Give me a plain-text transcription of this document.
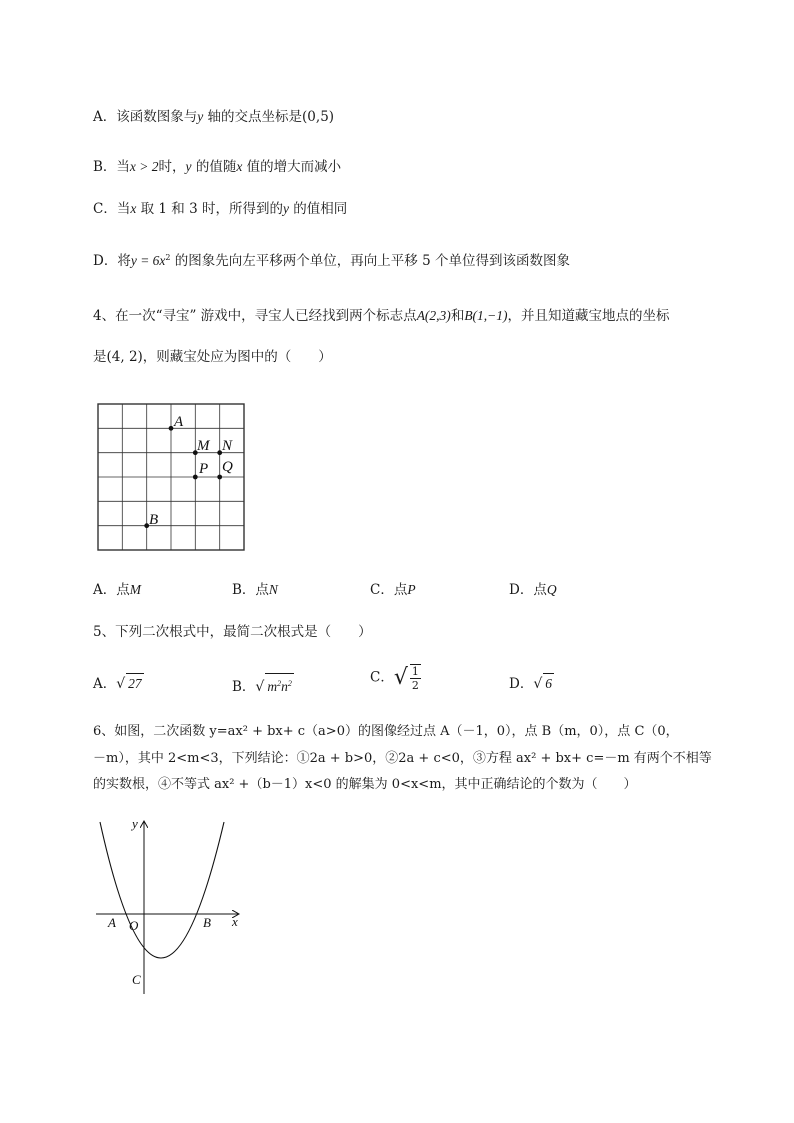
A．该函数图象与y 轴的交点坐标是(0,5)
B．当x > 2时，y 的值随x 值的增大而减小
C．当x 取 1 和 3 时，所得到的y 的值相同
D．将$y = 6x^2$ 的图象先向左平移两个单位，再向上平移 5 个单位得到该函数图象
4、在一次“寻宝” 游戏中，寻宝人已经找到两个标志点A(2,3)和B(1,−1)，并且知道藏宝地点的坐标
是(4, 2)，则藏宝处应为图中的（　　）
A
M N
P Q
B
A．点M	B．点N	C．点P	D．点Q
5、下列二次根式中，最简二次根式是（　　）
A．√ 27	B．√ $m^2n^2$	C．√ $\frac{1}{2}$	D．√ 6
6、如图，二次函数 y=ax² + bx+ c（a>0）的图像经过点 A（－1，0），点 B（m，0），点 C（0，
－m），其中 2<m<3，下列结论：①2a + b>0，②2a + c<0，③方程 ax² + bx+ c=－m 有两个不相等
的实数根，④不等式 ax² +（b－1）x<0 的解集为 0<x<m，其中正确结论的个数为（　　）
y
x
A O	B
C
